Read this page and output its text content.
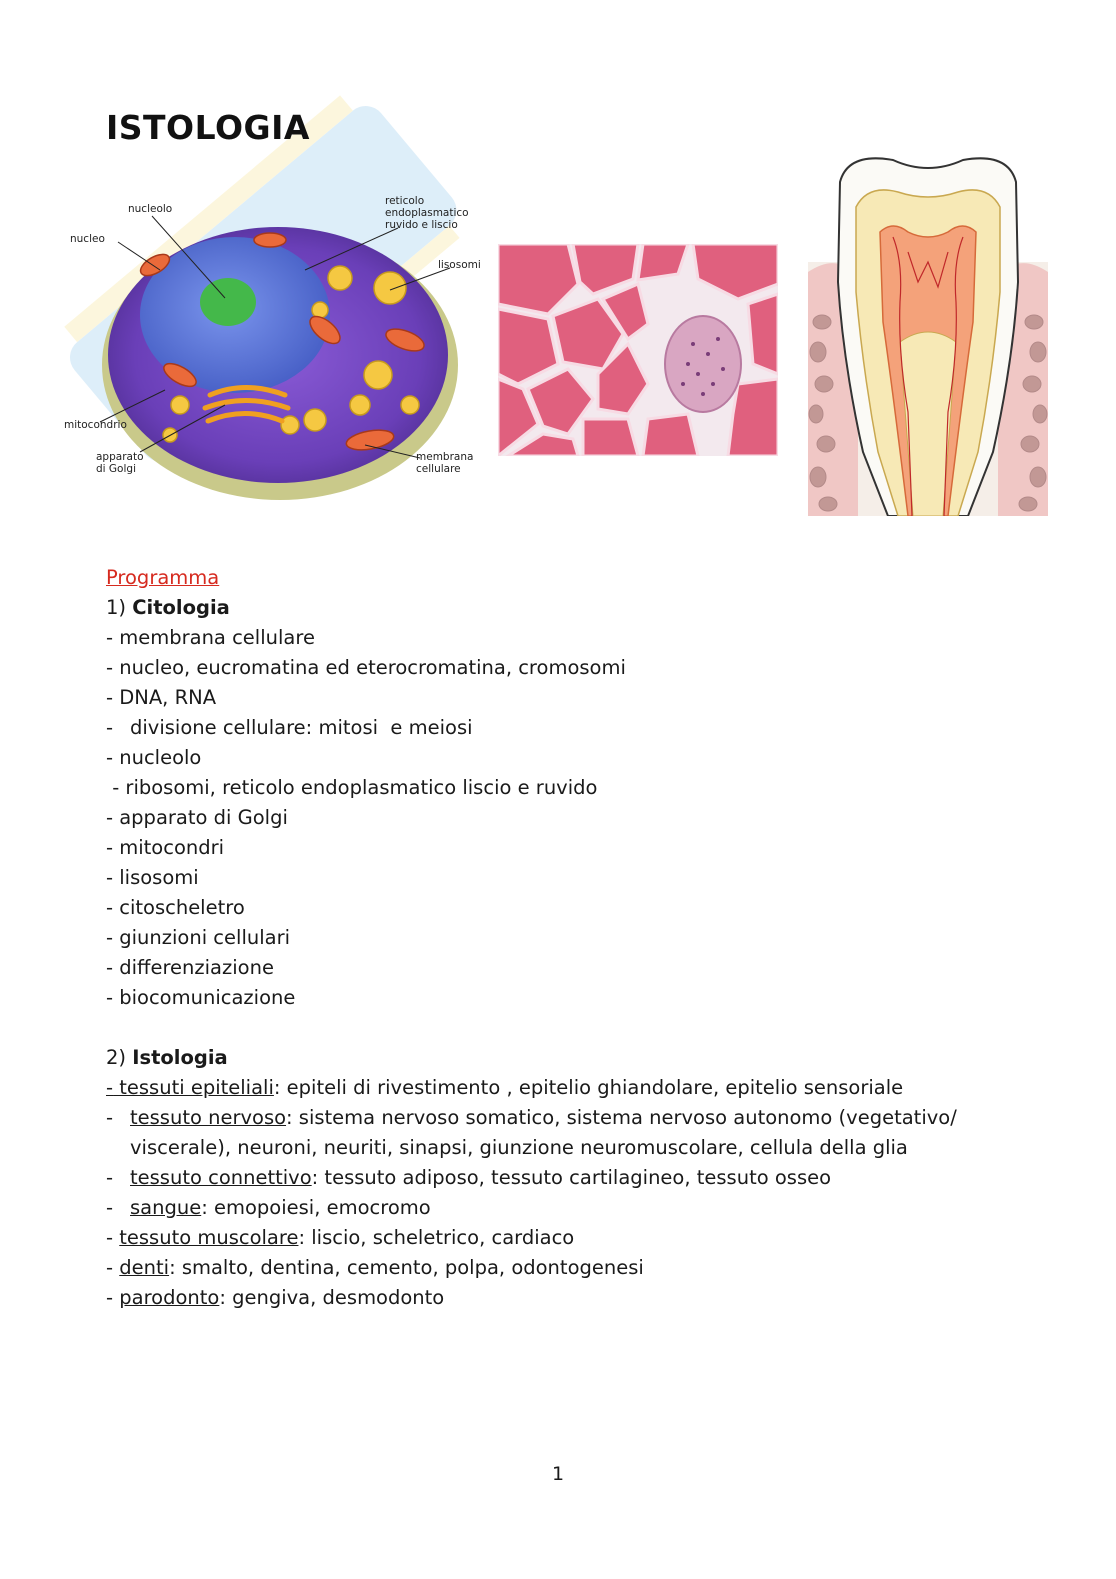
ISTOLOGIA
nucleolo
nucleo
reticolo
endoplasmatico
ruvido e liscio
lisosomi
mitocondrio
apparato
di Golgi
membrana
cellulare
Programma
1) Citologia
- membrana cellulare
- nucleo, eucromatina ed eterocromatina, cromosomi
- DNA, RNA
- divisione cellulare: mitosi  e meiosi
- nucleolo
- ribosomi, reticolo endoplasmatico liscio e ruvido
- apparato di Golgi
- mitocondri
- lisosomi
- citoscheletro
- giunzioni cellulari
- differenziazione
- biocomunicazione
2) Istologia
- tessuti epiteliali: epiteli di rivestimento , epitelio ghiandolare, epitelio sensoriale
- tessuto nervoso: sistema nervoso somatico, sistema nervoso autonomo (vegetativo/
viscerale), neuroni, neuriti, sinapsi, giunzione neuromuscolare, cellula della glia
- tessuto connettivo: tessuto adiposo, tessuto cartilagineo, tessuto osseo
- sangue: emopoiesi, emocromo
- tessuto muscolare: liscio, scheletrico, cardiaco
- denti: smalto, dentina, cemento, polpa, odontogenesi
- parodonto: gengiva, desmodonto
1
